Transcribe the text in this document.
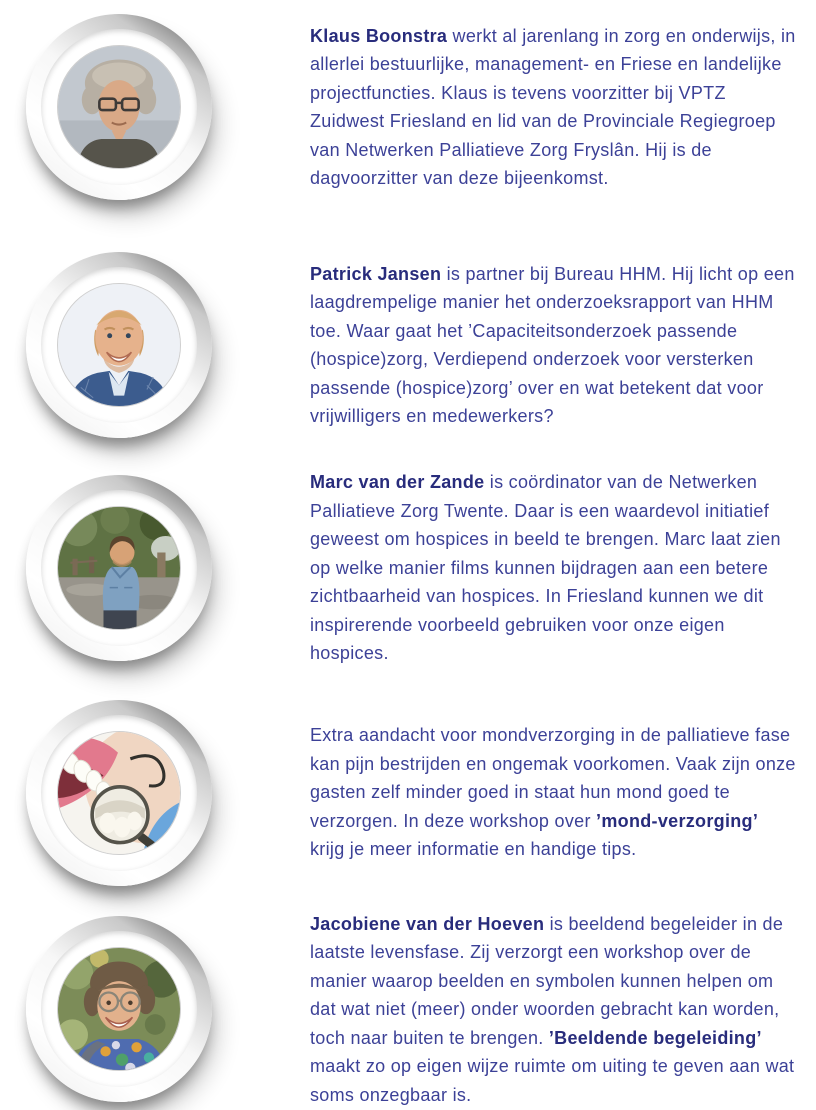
Klaus Boonstra werkt al jarenlang in zorg en onderwijs, in allerlei bestuurlijke, management- en Friese en landelijke projectfuncties. Klaus is tevens voorzitter bij VPTZ Zuidwest Friesland en lid van de Provinciale Regiegroep van Netwerken Palliatieve Zorg Fryslân. Hij is de dagvoorzitter van deze bijeenkomst.

Patrick Jansen is partner bij Bureau HHM. Hij licht op een laagdrempelige manier het onderzoeksrapport van HHM toe. Waar gaat het ’Capaciteitsonderzoek passende (hospice)zorg, Verdiepend onderzoek voor versterken passende (hospice)zorg’ over en wat betekent dat voor vrijwilligers en medewerkers?

Marc van der Zande is coördinator van de Netwerken Palliatieve Zorg Twente. Daar is een waardevol initiatief geweest om hospices in beeld te brengen. Marc laat zien op welke manier films kunnen bijdragen aan een betere zichtbaarheid van hospices. In Friesland kunnen we dit inspirerende voorbeeld gebruiken voor onze eigen hospices.

Extra aandacht voor mondverzorging in de palliatieve fase kan pijn bestrijden en ongemak voorkomen. Vaak zijn onze gasten zelf minder goed in staat hun mond goed te verzorgen. In deze workshop over ’mond-verzorging’ krijg je meer informatie en handige tips.

Jacobiene van der Hoeven is beeldend begeleider in de laatste levensfase. Zij verzorgt een workshop over de manier waarop beelden en symbolen kunnen helpen om dat wat niet (meer) onder woorden gebracht kan worden, toch naar buiten te brengen. ’Beeldende begeleiding’ maakt zo op eigen wijze ruimte om uiting te geven aan wat soms onzegbaar is.
